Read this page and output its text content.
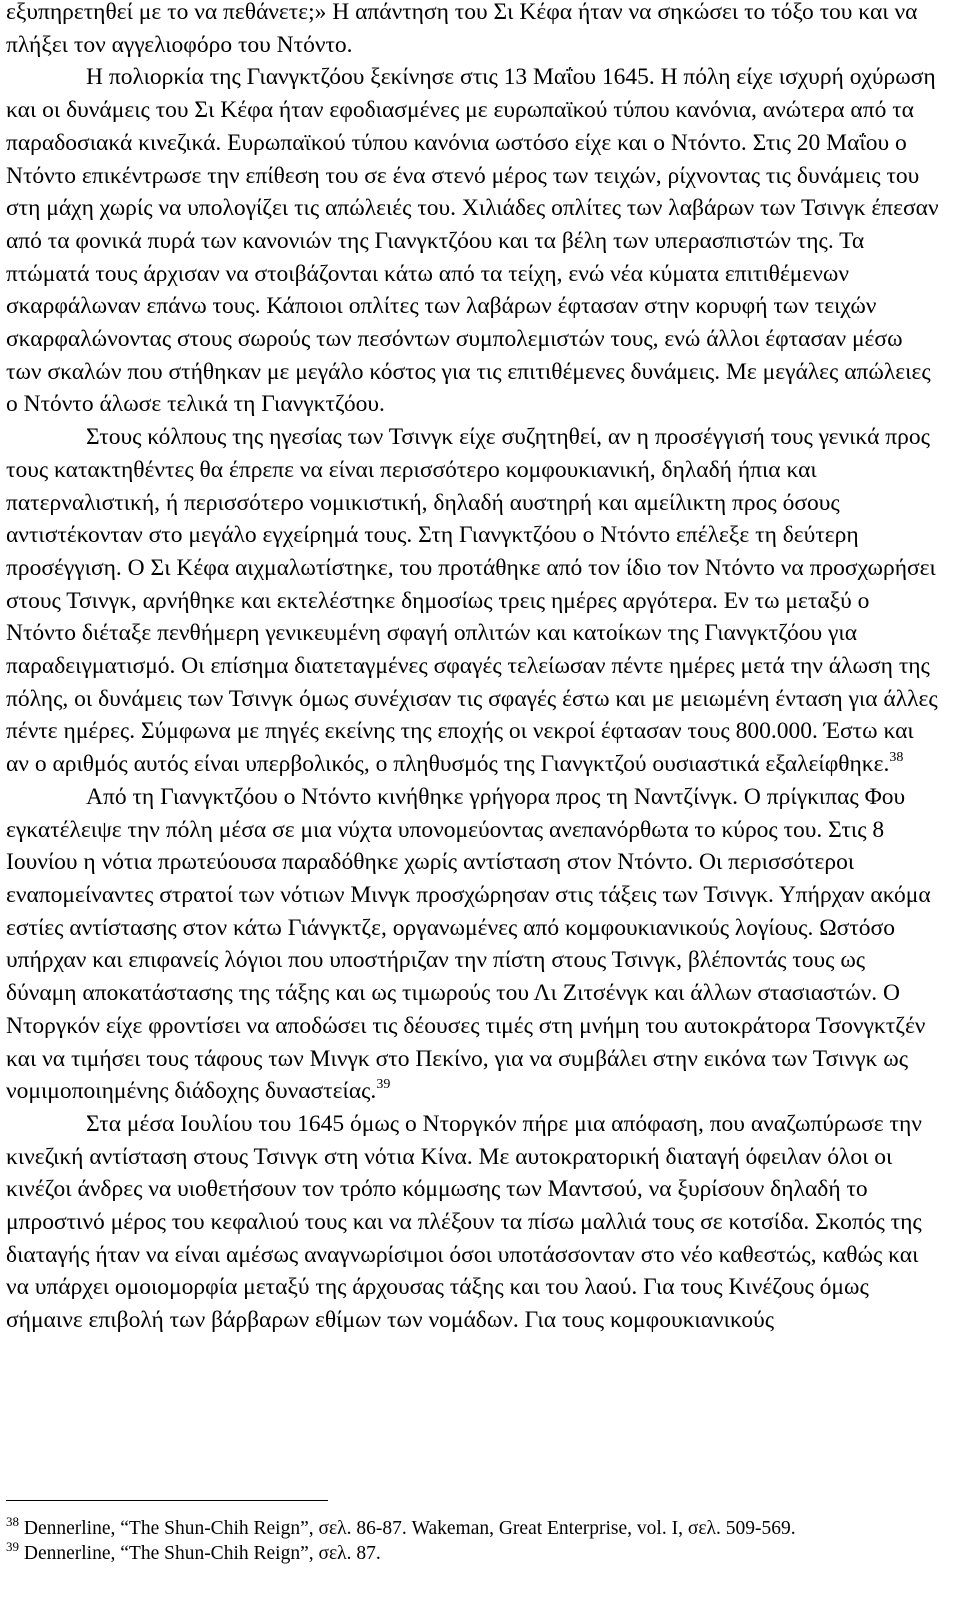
εξυπηρετηθεί με το να πεθάνετε;» Η απάντηση του Σι Κέφα ήταν να σηκώσει το τόξο του και να πλήξει τον αγγελιοφόρο του Ντόντο.

Η πολιορκία της Γιανγκτζόου ξεκίνησε στις 13 Μαΐου 1645. Η πόλη είχε ισχυρή οχύρωση και οι δυνάμεις του Σι Κέφα ήταν εφοδιασμένες με ευρωπαϊκού τύπου κανόνια, ανώτερα από τα παραδοσιακά κινεζικά. Ευρωπαϊκού τύπου κανόνια ωστόσο είχε και ο Ντόντο. Στις 20 Μαΐου ο Ντόντο επικέντρωσε την επίθεση του σε ένα στενό μέρος των τειχών, ρίχνοντας τις δυνάμεις του στη μάχη χωρίς να υπολογίζει τις απώλειές του. Χιλιάδες οπλίτες των λαβάρων των Τσινγκ έπεσαν από τα φονικά πυρά των κανονιών της Γιανγκτζόου και τα βέλη των υπερασπιστών της. Τα πτώματά τους άρχισαν να στοιβάζονται κάτω από τα τείχη, ενώ νέα κύματα επιτιθέμενων σκαρφάλωναν επάνω τους. Κάποιοι οπλίτες των λαβάρων έφτασαν στην κορυφή των τειχών σκαρφαλώνοντας στους σωρούς των πεσόντων συμπολεμιστών τους, ενώ άλλοι έφτασαν μέσω των σκαλών που στήθηκαν με μεγάλο κόστος για τις επιτιθέμενες δυνάμεις. Με μεγάλες απώλειες ο Ντόντο άλωσε τελικά τη Γιανγκτζόου.

Στους κόλπους της ηγεσίας των Τσινγκ είχε συζητηθεί, αν η προσέγγισή τους γενικά προς τους κατακτηθέντες θα έπρεπε να είναι περισσότερο κομφουκιανική, δηλαδή ήπια και πατερναλιστική, ή περισσότερο νομικιστική, δηλαδή αυστηρή και αμείλικτη προς όσους αντιστέκονταν στο μεγάλο εγχείρημά τους. Στη Γιανγκτζόου ο Ντόντο επέλεξε τη δεύτερη προσέγγιση. Ο Σι Κέφα αιχμαλωτίστηκε, του προτάθηκε από τον ίδιο τον Ντόντο να προσχωρήσει στους Τσινγκ, αρνήθηκε και εκτελέστηκε δημοσίως τρεις ημέρες αργότερα. Εν τω μεταξύ ο Ντόντο διέταξε πενθήμερη γενικευμένη σφαγή οπλιτών και κατοίκων της Γιανγκτζόου για παραδειγματισμό. Οι επίσημα διατεταγμένες σφαγές τελείωσαν πέντε ημέρες μετά την άλωση της πόλης, οι δυνάμεις των Τσινγκ όμως συνέχισαν τις σφαγές έστω και με μειωμένη ένταση για άλλες πέντε ημέρες. Σύμφωνα με πηγές εκείνης της εποχής οι νεκροί έφτασαν τους 800.000. Έστω και αν ο αριθμός αυτός είναι υπερβολικός, ο πληθυσμός της Γιανγκτζού ουσιαστικά εξαλείφθηκε.$^{38}$

Από τη Γιανγκτζόου ο Ντόντο κινήθηκε γρήγορα προς τη Ναντζίνγκ. Ο πρίγκιπας Φου εγκατέλειψε την πόλη μέσα σε μια νύχτα υπονομεύοντας ανεπανόρθωτα το κύρος του. Στις 8 Ιουνίου η νότια πρωτεύουσα παραδόθηκε χωρίς αντίσταση στον Ντόντο. Οι περισσότεροι εναπομείναντες στρατοί των νότιων Μινγκ προσχώρησαν στις τάξεις των Τσινγκ. Υπήρχαν ακόμα εστίες αντίστασης στον κάτω Γιάνγκτζε, οργανωμένες από κομφουκιανικούς λογίους. Ωστόσο υπήρχαν και επιφανείς λόγιοι που υποστήριζαν την πίστη στους Τσινγκ, βλέποντάς τους ως δύναμη αποκατάστασης της τάξης και ως τιμωρούς του Λι Ζιτσένγκ και άλλων στασιαστών. Ο Ντοργκόν είχε φροντίσει να αποδώσει τις δέουσες τιμές στη μνήμη του αυτοκράτορα Τσονγκτζέν και να τιμήσει τους τάφους των Μινγκ στο Πεκίνο, για να συμβάλει στην εικόνα των Τσινγκ ως νομιμοποιημένης διάδοχης δυναστείας.$^{39}$

Στα μέσα Ιουλίου του 1645 όμως ο Ντοργκόν πήρε μια απόφαση, που αναζωπύρωσε την κινεζική αντίσταση στους Τσινγκ στη νότια Κίνα. Με αυτοκρατορική διαταγή όφειλαν όλοι οι κινέζοι άνδρες να υιοθετήσουν τον τρόπο κόμμωσης των Μαντσού, να ξυρίσουν δηλαδή το μπροστινό μέρος του κεφαλιού τους και να πλέξουν τα πίσω μαλλιά τους σε κοτσίδα. Σκοπός της διαταγής ήταν να είναι αμέσως αναγνωρίσιμοι όσοι υποτάσσονταν στο νέο καθεστώς, καθώς και να υπάρχει ομοιομορφία μεταξύ της άρχουσας τάξης και του λαού. Για τους Κινέζους όμως σήμαινε επιβολή των βάρβαρων εθίμων των νομάδων. Για τους κομφουκιανικούς

$^{38}$ Dennerline, “The Shun-Chih Reign”, σελ. 86-87. Wakeman, Great Enterprise, vol. I, σελ. 509-569.

$^{39}$ Dennerline, “The Shun-Chih Reign”, σελ. 87.
